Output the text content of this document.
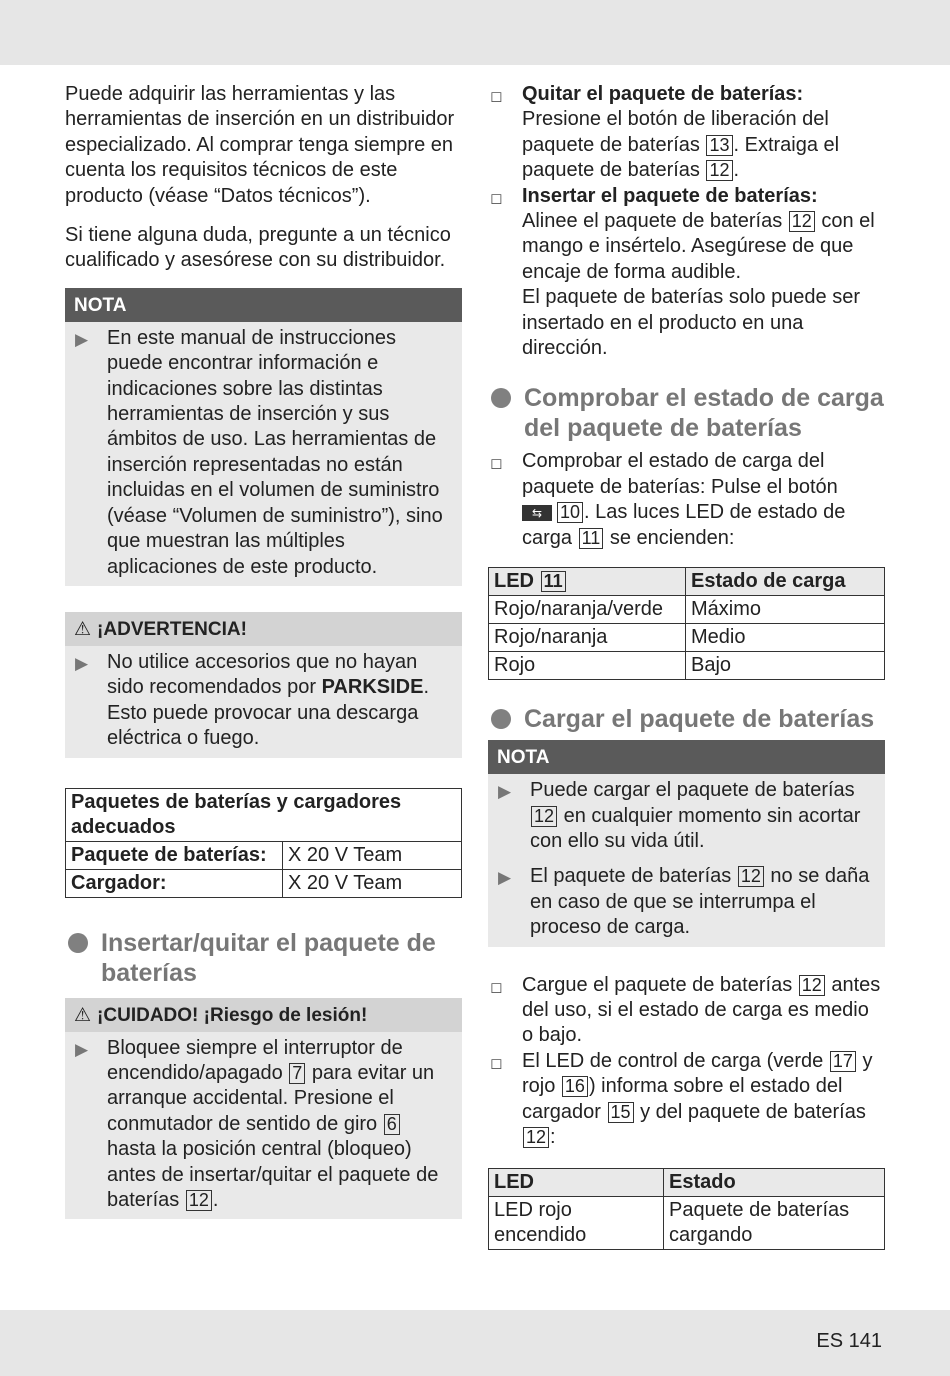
Puede adquirir las herramientas y las herramientas de inserción en un distribuidor especializado. Al comprar tenga siempre en cuenta los requisitos técnicos de este producto (véase “Datos técnicos”).

Si tiene alguna duda, pregunte a un técnico cualificado y asesórese con su distribuidor.

NOTA
▶ En este manual de instrucciones puede encontrar información e indicaciones sobre las distintas herramientas de inserción y sus ámbitos de uso. Las herramientas de inserción representadas no están incluidas en el volumen de suministro (véase “Volumen de suministro”), sino que muestran las múltiples aplicaciones de este producto.
⚠ ¡ADVERTENCIA!
▶ No utilice accesorios que no hayan sido recomendados por PARKSIDE. Esto puede provocar una descarga eléctrica o fuego.
Paquetes de baterías y cargadores adecuados	
Paquete de baterías:	X 20 V Team
Cargador:	X 20 V Team
Insertar/quitar el paquete de baterías
⚠ ¡CUIDADO! ¡Riesgo de lesión!
▶ Bloquee siempre el interruptor de encendido/apagado 7 para evitar un arranque accidental. Presione el conmutador de sentido de giro 6 hasta la posición central (bloqueo) antes de insertar/quitar el paquete de baterías 12 .
◻ Quitar el paquete de baterías:
Presione el botón de liberación del paquete de baterías 13 . Extraiga el paquete de baterías 12 .
◻ Insertar el paquete de baterías:
Alinee el paquete de baterías 12 con el mango e insértelo. Asegúrese de que encaje de forma audible.
El paquete de baterías solo puede ser insertado en el producto en una dirección.
Comprobar el estado de carga del paquete de baterías
◻ Comprobar el estado de carga del paquete de baterías: Pulse el botón
⇆ 10 . Las luces LED de estado de carga 11 se encienden:
LED 11	Estado de carga
Rojo/naranja/verde	Máximo
Rojo/naranja	Medio
Rojo	Bajo
Cargar el paquete de baterías
NOTA
▶ Puede cargar el paquete de baterías 12 en cualquier momento sin acortar con ello su vida útil.
▶ El paquete de baterías 12 no se daña en caso de que se interrumpa el proceso de carga.
◻ Cargue el paquete de baterías 12 antes del uso, si el estado de carga es medio o bajo.
◻ El LED de control de carga (verde 17 y rojo 16 ) informa sobre el estado del cargador 15 y del paquete de baterías 12 :
LED	Estado
LED rojo encendido	Paquete de baterías cargando
ES 141
